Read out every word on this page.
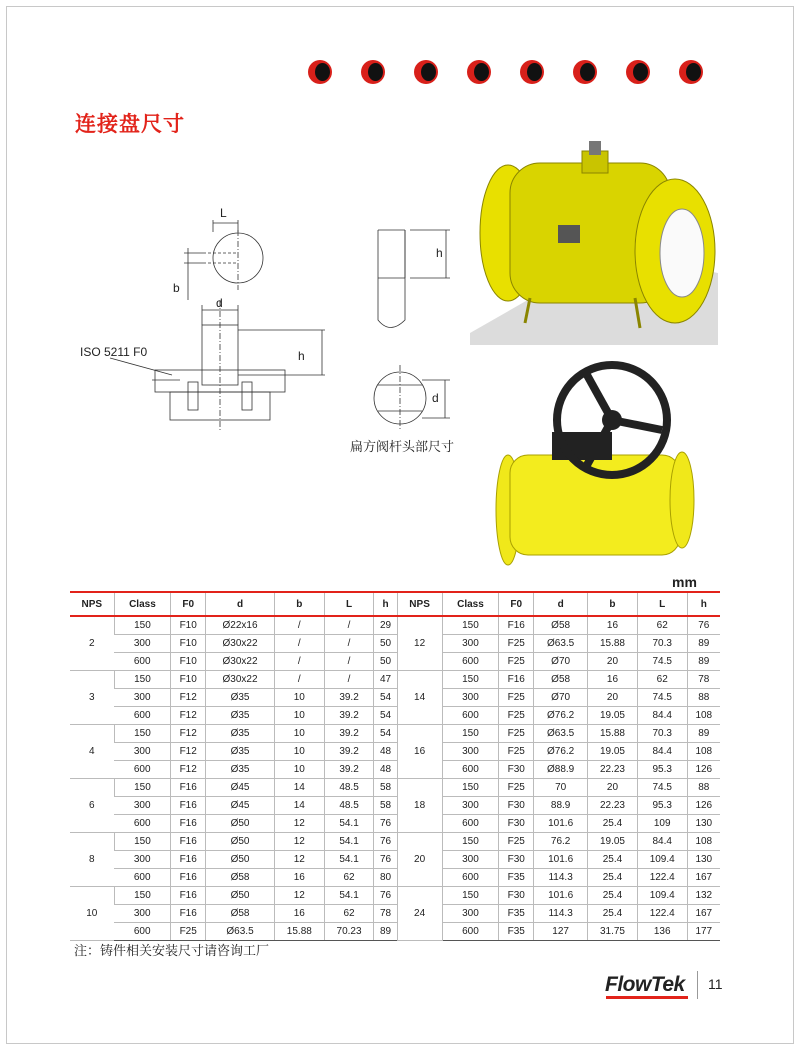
连接盘尺寸
L
b
d
h
h
d
ISO 5211 F0
扁方阀杆头部尺寸
mm
NPS	Class	F0	d	b	L	h	NPS	Class	F0	d	b	L	h
2	150	F10	Ø22x16	/	/	29	12	150	F16	Ø58	16	62	76
	300	F10	Ø30x22	/	/	50		300	F25	Ø63.5	15.88	70.3	89
	600	F10	Ø30x22	/	/	50		600	F25	Ø70	20	74.5	89
3	150	F10	Ø30x22	/	/	47	14	150	F16	Ø58	16	62	78
	300	F12	Ø35	10	39.2	54		300	F25	Ø70	20	74.5	88
	600	F12	Ø35	10	39.2	54		600	F25	Ø76.2	19.05	84.4	108
4	150	F12	Ø35	10	39.2	54	16	150	F25	Ø63.5	15.88	70.3	89
	300	F12	Ø35	10	39.2	48		300	F25	Ø76.2	19.05	84.4	108
	600	F12	Ø35	10	39.2	48		600	F30	Ø88.9	22.23	95.3	126
6	150	F16	Ø45	14	48.5	58	18	150	F25	70	20	74.5	88
	300	F16	Ø45	14	48.5	58		300	F30	88.9	22.23	95.3	126
	600	F16	Ø50	12	54.1	76		600	F30	101.6	25.4	109	130
8	150	F16	Ø50	12	54.1	76	20	150	F25	76.2	19.05	84.4	108
	300	F16	Ø50	12	54.1	76		300	F30	101.6	25.4	109.4	130
	600	F16	Ø58	16	62	80		600	F35	114.3	25.4	122.4	167
10	150	F16	Ø50	12	54.1	76	24	150	F30	101.6	25.4	109.4	132
	300	F16	Ø58	16	62	78		300	F35	114.3	25.4	122.4	167
	600	F25	Ø63.5	15.88	70.23	89		600	F35	127	31.75	136	177
注：铸件相关安装尺寸请咨询工厂
FlowTek 11
